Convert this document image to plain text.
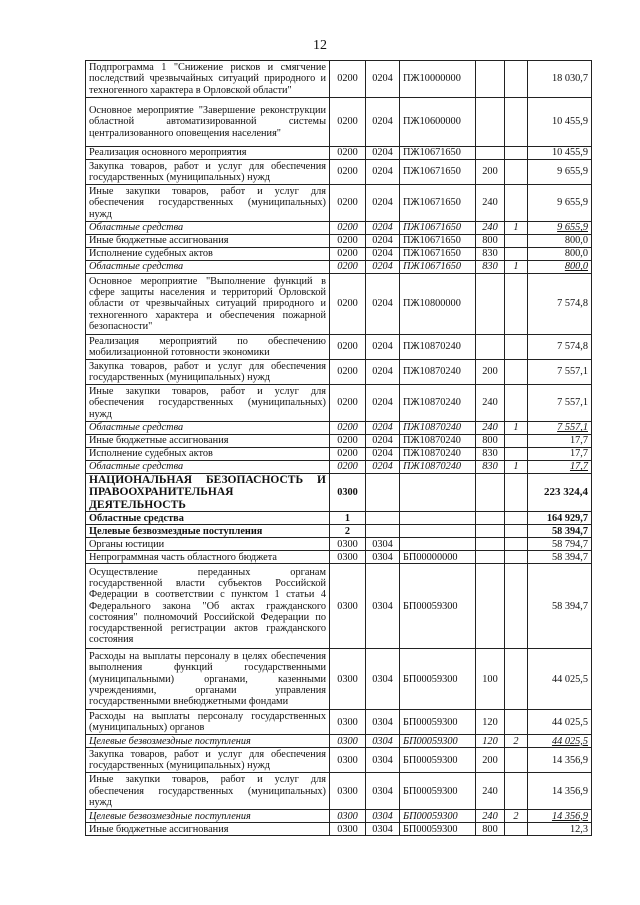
12
Подпрограмма 1 "Снижение рисков и смягчение последствий чрезвычайных ситуаций природного и техногенного характера в Орловской области"	0200	0204	ПЖ10000000			18 030,7
Основное мероприятие "Завершение реконструкции областной автоматизированной системы централизованного оповещения населения"	0200	0204	ПЖ10600000			10 455,9
Реализация основного мероприятия	0200	0204	ПЖ10671650			10 455,9
Закупка товаров, работ и услуг для обеспечения государственных (муниципальных) нужд	0200	0204	ПЖ10671650	200		9 655,9
Иные закупки товаров, работ и услуг для обеспечения государственных (муниципальных) нужд	0200	0204	ПЖ10671650	240		9 655,9
Областные средства	0200	0204	ПЖ10671650	240	1	9 655,9
Иные бюджетные ассигнования	0200	0204	ПЖ10671650	800		800,0
Исполнение судебных актов	0200	0204	ПЖ10671650	830		800,0
Областные средства	0200	0204	ПЖ10671650	830	1	800,0
Основное мероприятие "Выполнение функций в сфере защиты населения и территорий Орловской области от чрезвычайных ситуаций природного и техногенного характера и обеспечения пожарной безопасности"	0200	0204	ПЖ10800000			7 574,8
Реализация мероприятий по обеспечению мобилизационной готовности экономики	0200	0204	ПЖ10870240			7 574,8
Закупка товаров, работ и услуг для обеспечения государственных (муниципальных) нужд	0200	0204	ПЖ10870240	200		7 557,1
Иные закупки товаров, работ и услуг для обеспечения государственных (муниципальных) нужд	0200	0204	ПЖ10870240	240		7 557,1
Областные средства	0200	0204	ПЖ10870240	240	1	7 557,1
Иные бюджетные ассигнования	0200	0204	ПЖ10870240	800		17,7
Исполнение судебных актов	0200	0204	ПЖ10870240	830		17,7
Областные средства	0200	0204	ПЖ10870240	830	1	17,7
НАЦИОНАЛЬНАЯ БЕЗОПАСНОСТЬ И ПРАВООХРАНИТЕЛЬНАЯ ДЕЯТЕЛЬНОСТЬ	0300					223 324,4
Областные средства	1					164 929,7
Целевые безвозмездные поступления	2					58 394,7
Органы юстиции	0300	0304				58 794,7
Непрограммная часть областного бюджета	0300	0304	БП00000000			58 394,7
Осуществление переданных органам государственной власти субъектов Российской Федерации в соответствии с пунктом 1 статьи 4 Федерального закона "Об актах гражданского состояния" полномочий Российской Федерации по государственной регистрации актов гражданского состояния	0300	0304	БП00059300			58 394,7
Расходы на выплаты персоналу в целях обеспечения выполнения функций государственными (муниципальными) органами, казенными учреждениями, органами управления государственными внебюджетными фондами	0300	0304	БП00059300	100		44 025,5
Расходы на выплаты персоналу государственных (муниципальных) органов	0300	0304	БП00059300	120		44 025,5
Целевые безвозмездные поступления	0300	0304	БП00059300	120	2	44 025,5
Закупка товаров, работ и услуг для обеспечения государственных (муниципальных) нужд	0300	0304	БП00059300	200		14 356,9
Иные закупки товаров, работ и услуг для обеспечения государственных (муниципальных) нужд	0300	0304	БП00059300	240		14 356,9
Целевые безвозмездные поступления	0300	0304	БП00059300	240	2	14 356,9
Иные бюджетные ассигнования	0300	0304	БП00059300	800		12,3
